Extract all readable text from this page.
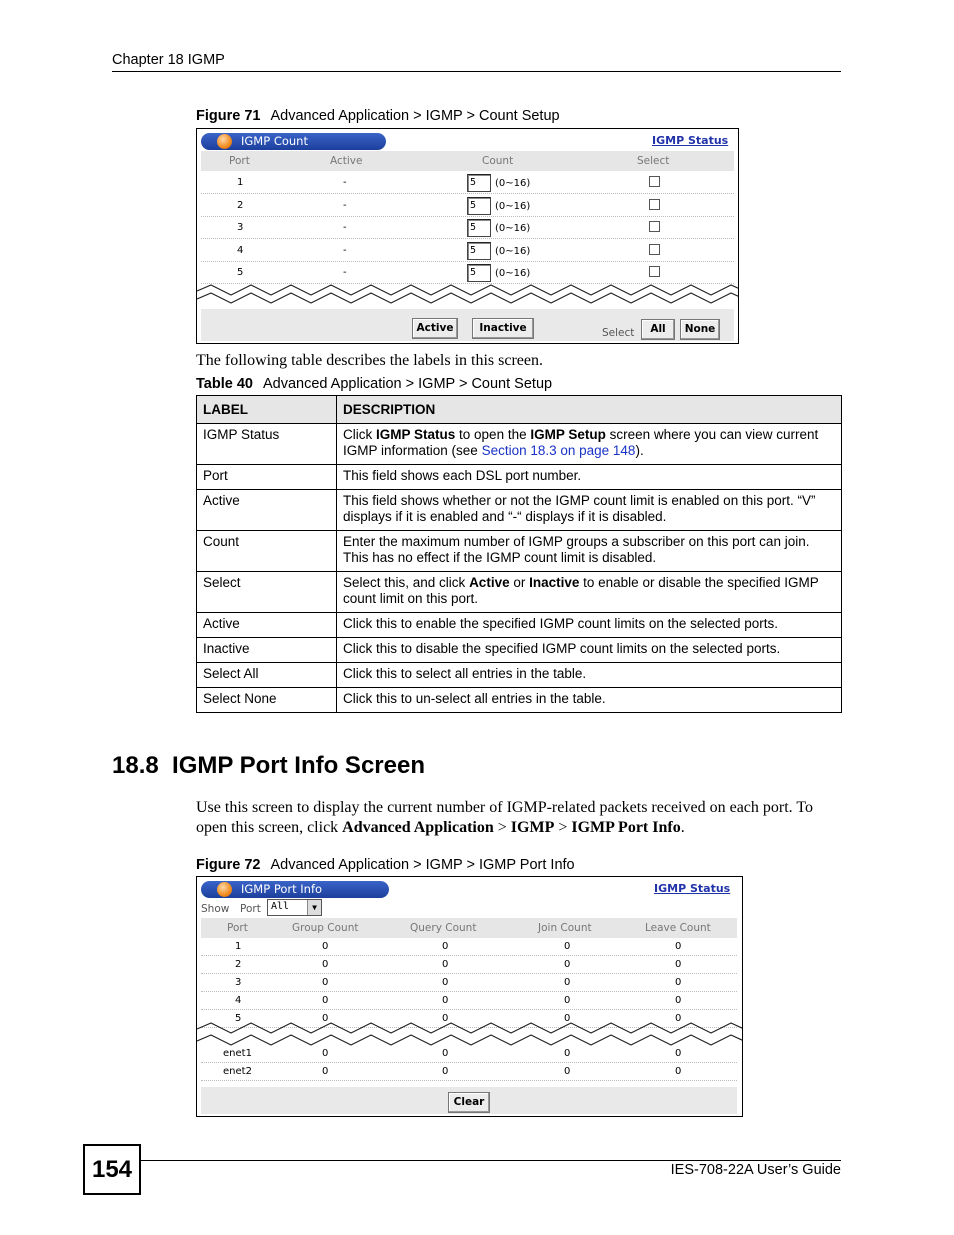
Chapter 18 IGMP
Figure 71 Advanced Application > IGMP > Count Setup
IGMP Count	IGMP Status
Port	Active	Count	Select
1	-	5	(0~16)
2	-	5	(0~16)
3	-	5	(0~16)
4	-	5	(0~16)
5	-	5	(0~16)
Active	Inactive	Select	All	None
The following table describes the labels in this screen.
Table 40 Advanced Application > IGMP > Count Setup
LABEL	DESCRIPTION
IGMP Status	Click IGMP Status to open the IGMP Setup screen where you can view current IGMP information (see Section 18.3 on page 148).
Port	This field shows each DSL port number.
Active	This field shows whether or not the IGMP count limit is enabled on this port. “V” displays if it is enabled and “-“ displays if it is disabled.
Count	Enter the maximum number of IGMP groups a subscriber on this port can join. This has no effect if the IGMP count limit is disabled.
Select	Select this, and click Active or Inactive to enable or disable the specified IGMP count limit on this port.
Active	Click this to enable the specified IGMP count limits on the selected ports.
Inactive	Click this to disable the specified IGMP count limits on the selected ports.
Select All	Click this to select all entries in the table.
Select None	Click this to un-select all entries in the table.
18.8  IGMP Port Info Screen
Use this screen to display the current number of IGMP-related packets received on each port. To open this screen, click Advanced Application > IGMP > IGMP Port Info.
Figure 72 Advanced Application > IGMP > IGMP Port Info
IGMP Port Info	IGMP Status
Show Port All	▼
Port	Group Count	Query Count	Join Count	Leave Count
1	0	0	0	0
2	0	0	0	0
3	0	0	0	0
4	0	0	0	0
5	0	0	0	0
enet1	0	0	0	0
enet2	0	0	0	0
Clear
154	IES-708-22A User’s Guide
